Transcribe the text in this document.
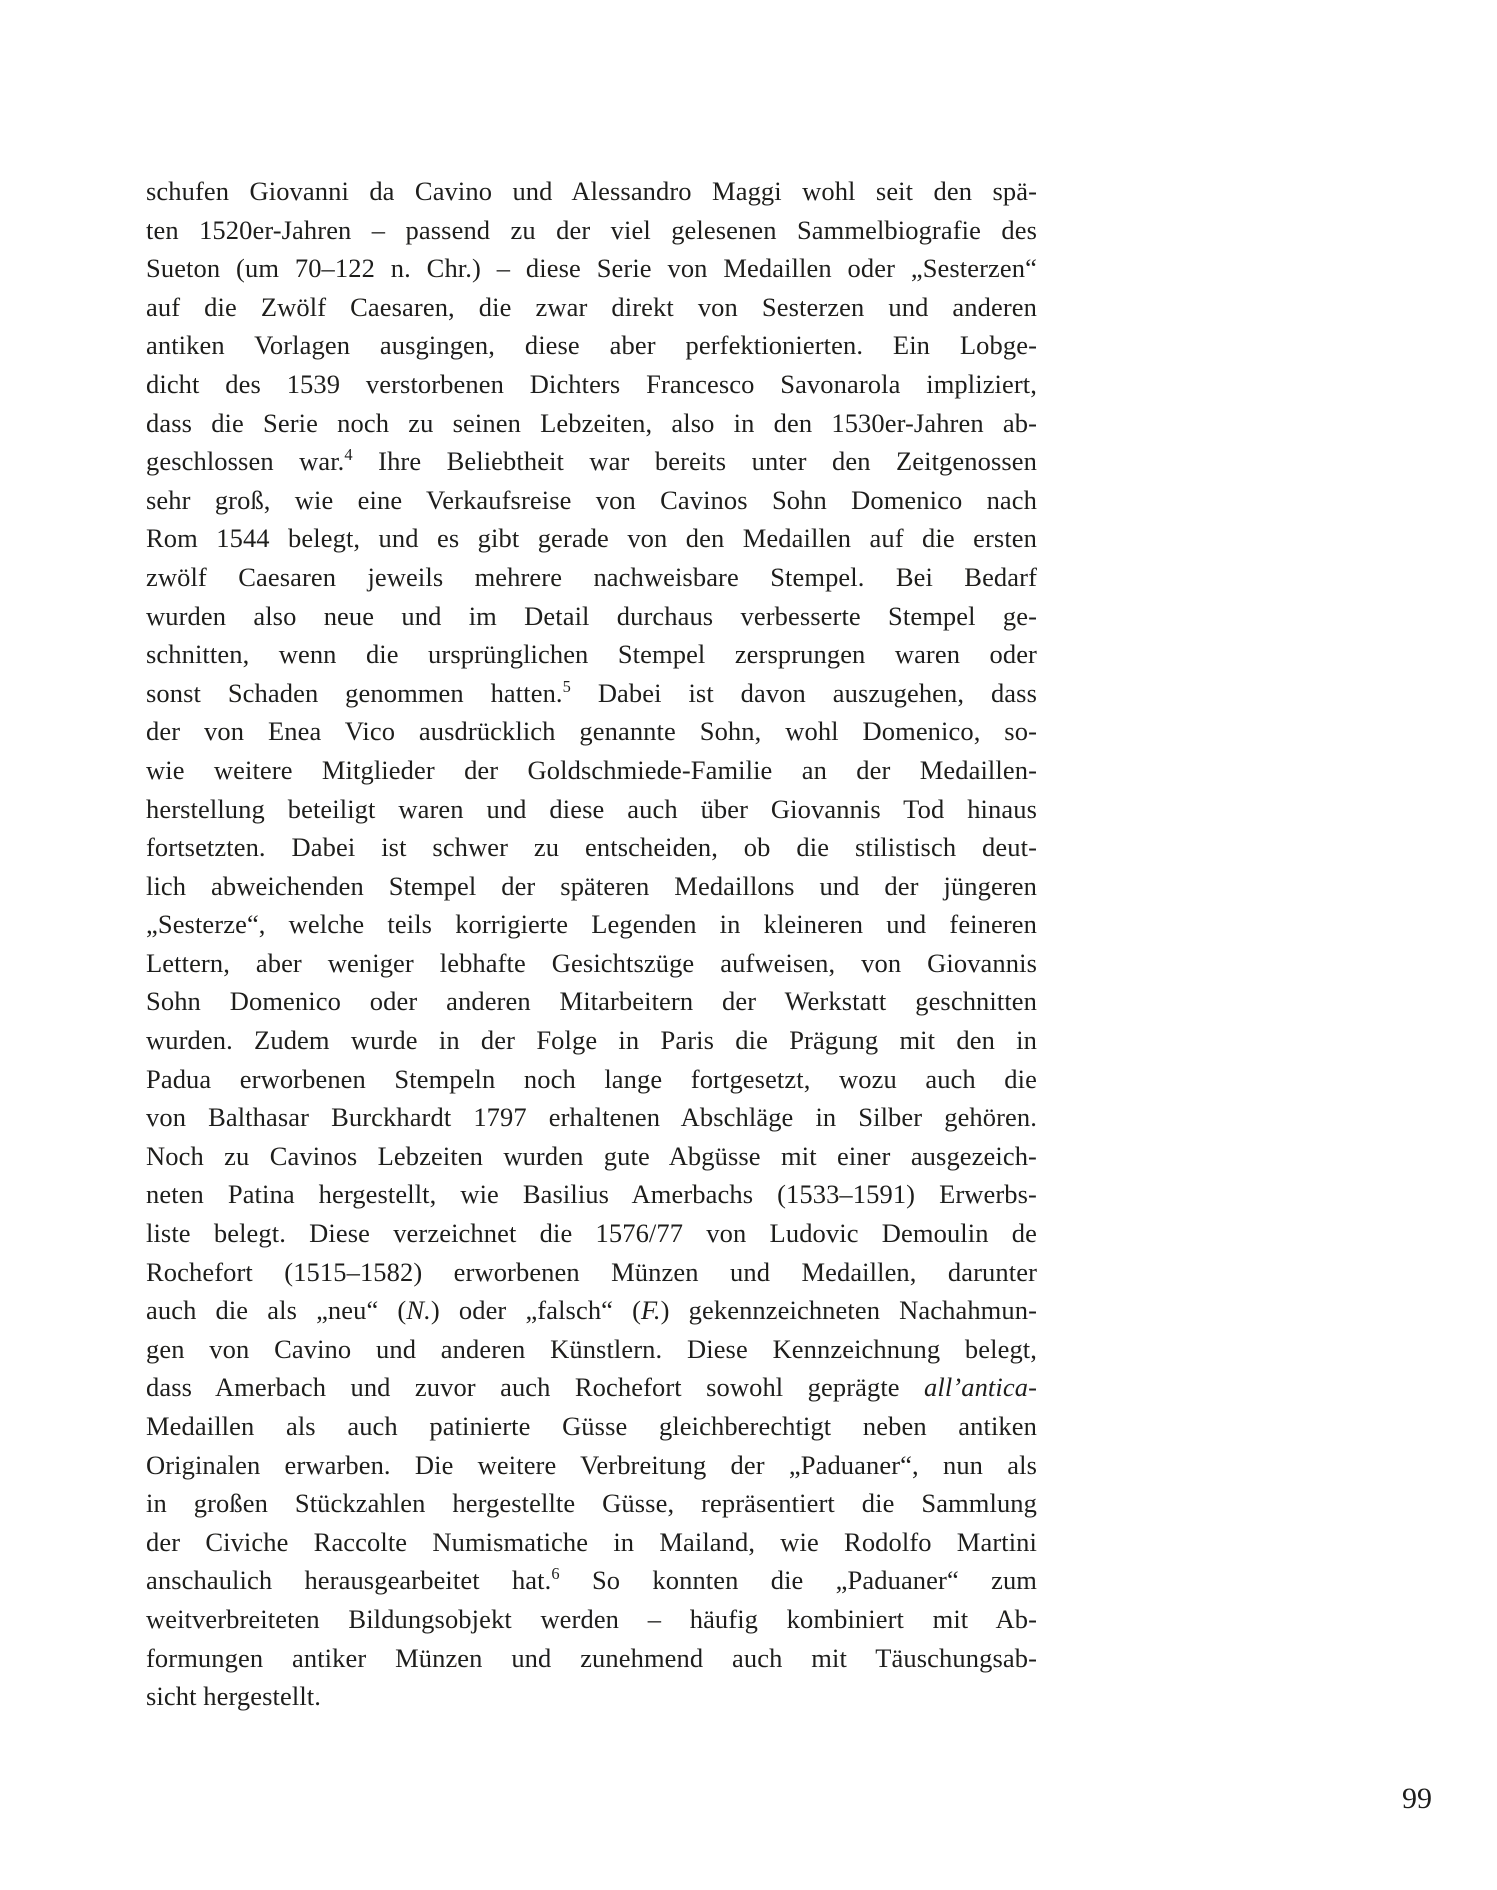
schufen Giovanni da Cavino und Alessandro Maggi wohl seit den spä-
ten 1520er-Jahren – passend zu der viel gelesenen Sammelbiografie des
Sueton (um 70–122 n. Chr.) – diese Serie von Medaillen oder „Sesterzen“
auf die Zwölf Caesaren, die zwar direkt von Sesterzen und anderen
antiken Vorlagen ausgingen, diese aber perfektionierten. Ein Lobge-
dicht des 1539 verstorbenen Dichters Francesco Savonarola impliziert,
dass die Serie noch zu seinen Lebzeiten, also in den 1530er-Jahren ab-
geschlossen war.$^4$ Ihre Beliebtheit war bereits unter den Zeitgenossen
sehr groß, wie eine Verkaufsreise von Cavinos Sohn Domenico nach
Rom 1544 belegt, und es gibt gerade von den Medaillen auf die ersten
zwölf Caesaren jeweils mehrere nachweisbare Stempel. Bei Bedarf
wurden also neue und im Detail durchaus verbesserte Stempel ge-
schnitten, wenn die ursprünglichen Stempel zersprungen waren oder
sonst Schaden genommen hatten.$^5$ Dabei ist davon auszugehen, dass
der von Enea Vico ausdrücklich genannte Sohn, wohl Domenico, so-
wie weitere Mitglieder der Goldschmiede-Familie an der Medaillen-
herstellung beteiligt waren und diese auch über Giovannis Tod hinaus
fortsetzten. Dabei ist schwer zu entscheiden, ob die stilistisch deut-
lich abweichenden Stempel der späteren Medaillons und der jüngeren
„Sesterze“, welche teils korrigierte Legenden in kleineren und feineren
Lettern, aber weniger lebhafte Gesichtszüge aufweisen, von Giovannis
Sohn Domenico oder anderen Mitarbeitern der Werkstatt geschnitten
wurden. Zudem wurde in der Folge in Paris die Prägung mit den in
Padua erworbenen Stempeln noch lange fortgesetzt, wozu auch die
von Balthasar Burckhardt 1797 erhaltenen Abschläge in Silber gehören.
Noch zu Cavinos Lebzeiten wurden gute Abgüsse mit einer ausgezeich-
neten Patina hergestellt, wie Basilius Amerbachs (1533–1591) Erwerbs-
liste belegt. Diese verzeichnet die 1576/77 von Ludovic Demoulin de
Rochefort (1515–1582) erworbenen Münzen und Medaillen, darunter
auch die als „neu“ (N.) oder „falsch“ (F.) gekennzeichneten Nachahmun-
gen von Cavino und anderen Künstlern. Diese Kennzeichnung belegt,
dass Amerbach und zuvor auch Rochefort sowohl geprägte all’antica-
Medaillen als auch patinierte Güsse gleichberechtigt neben antiken
Originalen erwarben. Die weitere Verbreitung der „Paduaner“, nun als
in großen Stückzahlen hergestellte Güsse, repräsentiert die Sammlung
der Civiche Raccolte Numismatiche in Mailand, wie Rodolfo Martini
anschaulich herausgearbeitet hat.$^6$ So konnten die „Paduaner“ zum
weitverbreiteten Bildungsobjekt werden – häufig kombiniert mit Ab-
formungen antiker Münzen und zunehmend auch mit Täuschungsab-
sicht hergestellt.
99
